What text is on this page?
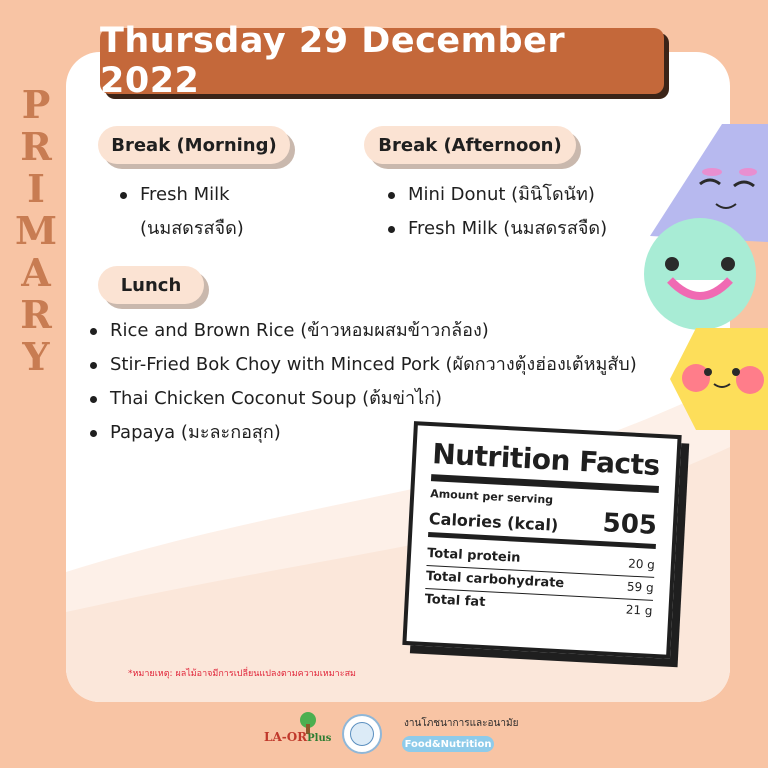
P
R
I
M
A
R
Y
Thursday 29 December 2022
Break (Morning)
Fresh Milk
(นมสดรสจืด)
Break (Afternoon)
Mini Donut (มินิโดนัท)
Fresh Milk (นมสดรสจืด)
Lunch
Rice and Brown Rice (ข้าวหอมผสมข้าวกล้อง)
Stir-Fried Bok Choy with Minced Pork (ผัดกวางตุ้งฮ่องเต้หมูสับ)
Thai Chicken Coconut Soup (ต้มข่าไก่)
Papaya (มะละกอสุก)
Nutrition Facts
Amount per serving
Calories (kcal) 505
Total protein	20 g
Total carbohydrate	59 g
Total fat
21 g
*หมายเหตุ: ผลไม้อาจมีการเปลี่ยนแปลงตามความเหมาะสม
LA-ORPlus
งานโภชนาการและอนามัย
Food&Nutrition
